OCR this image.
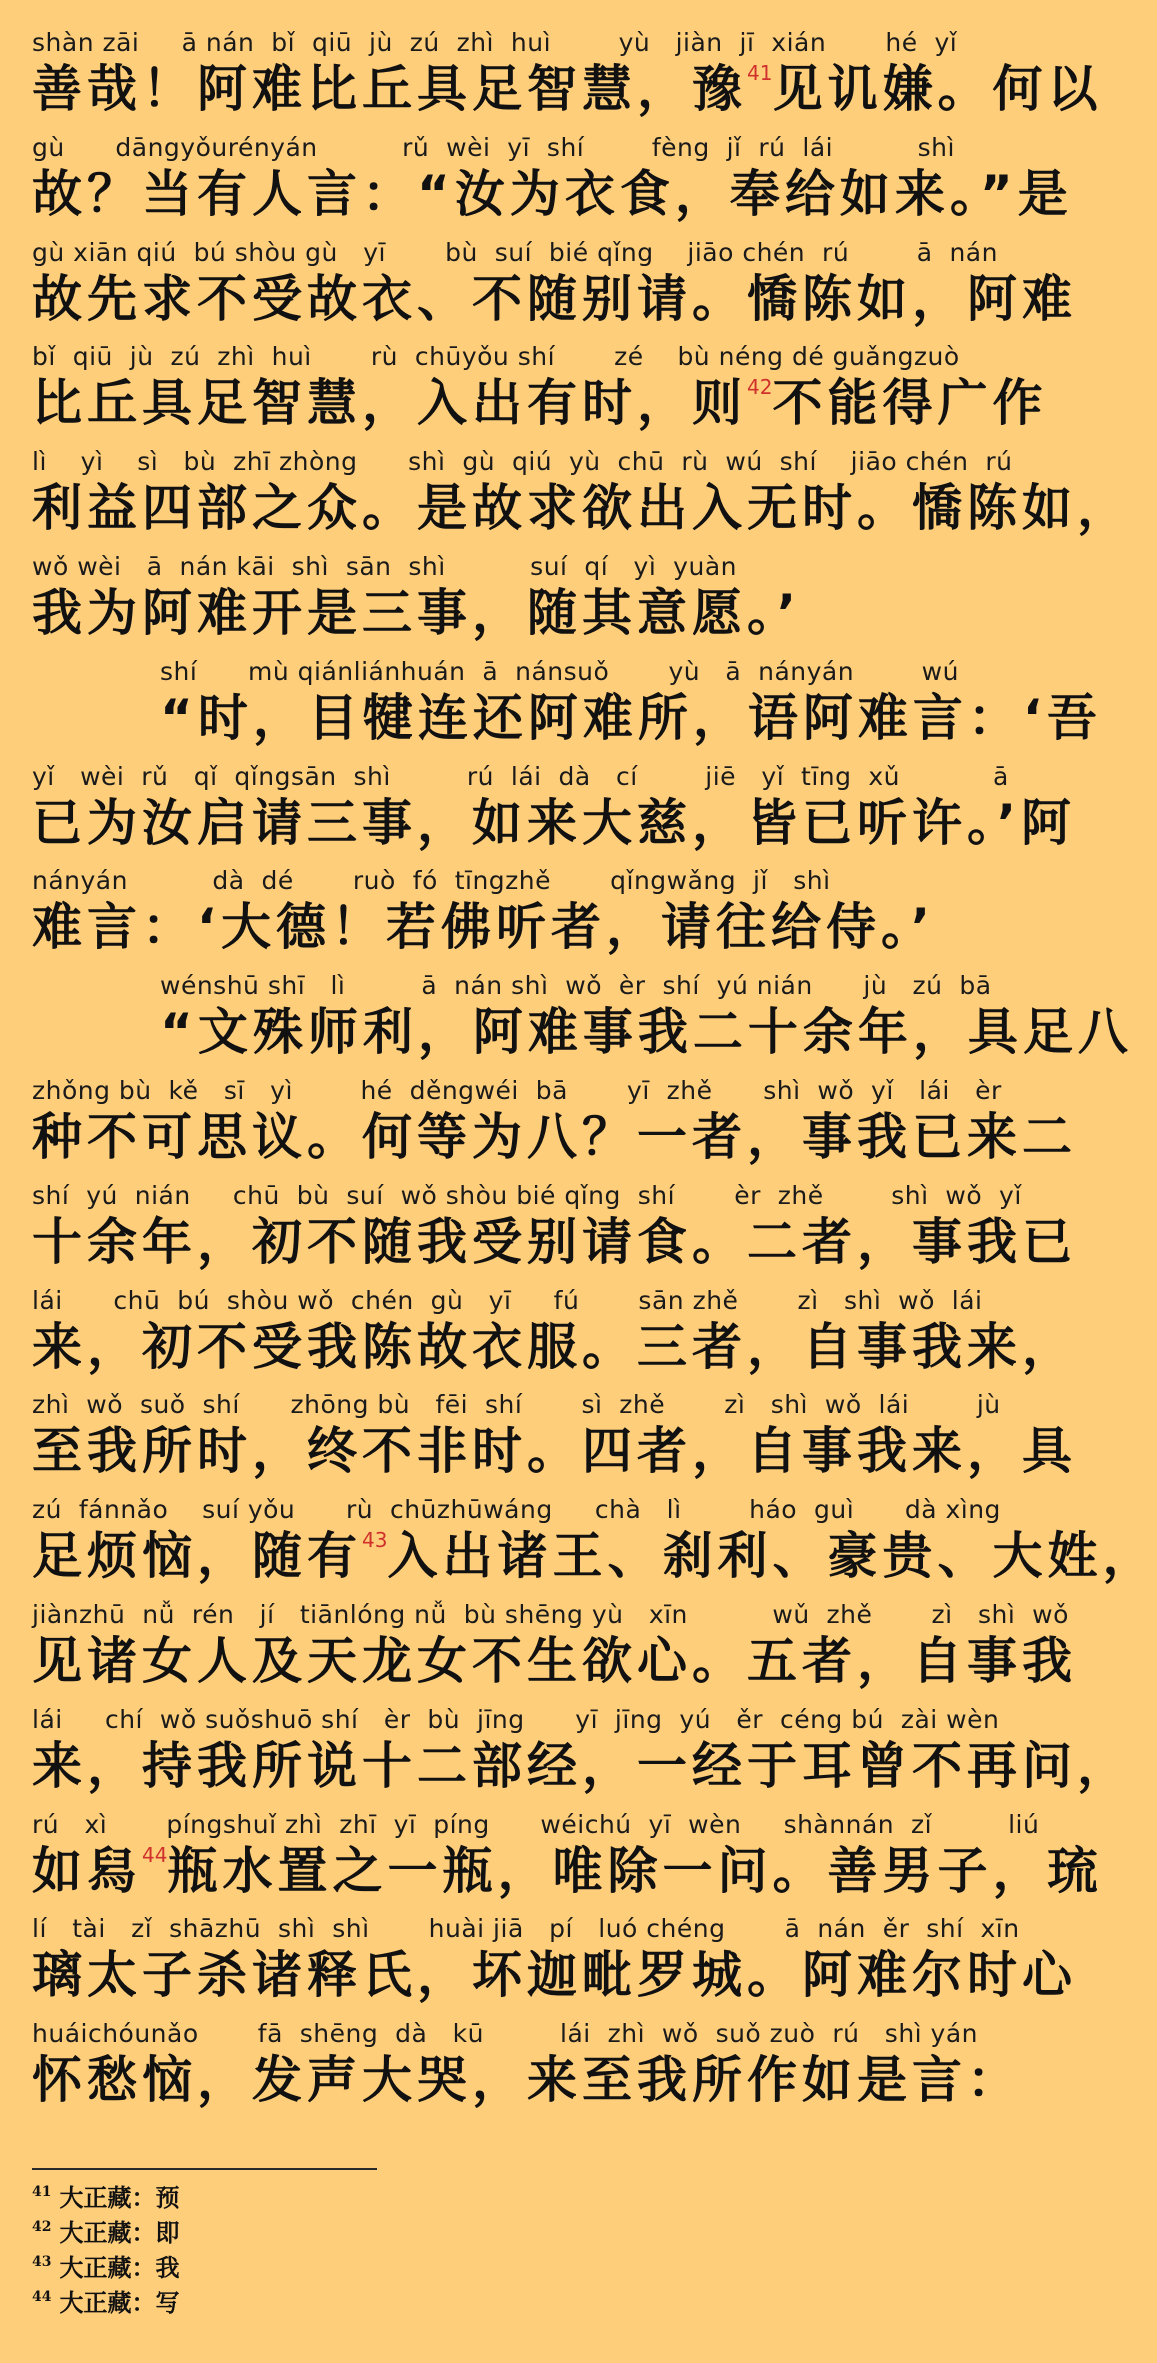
shàn zāi     ā nán  bǐ  qiū  jù  zú  zhì  huì        yù   jiàn  jī  xián       hé  yǐ
善哉！阿难比丘具足智慧，豫$^{41}$见讥嫌。何以
gù      dāngyǒurényán          rǔ  wèi  yī  shí        fèng  jǐ  rú  lái          shì
故？当有人言：“汝为衣食，奉给如来。”是
gù xiān qiú  bú shòu gù   yī       bù  suí  bié qǐng    jiāo chén  rú        ā  nán
故先求不受故衣、不随别请。憍陈如，阿难
bǐ  qiū  jù  zú  zhì  huì       rù  chūyǒu shí       zé    bù néng dé guǎngzuò
比丘具足智慧，入出有时，则$^{42}$不能得广作
lì    yì    sì   bù  zhī zhòng      shì  gù  qiú  yù  chū  rù  wú  shí    jiāo chén  rú
利益四部之众。是故求欲出入无时。憍陈如，
wǒ wèi   ā  nán kāi  shì  sān  shì          suí  qí   yì  yuàn
我为阿难开是三事，随其意愿。’
shí      mù qiánliánhuán  ā  nánsuǒ       yù   ā  nányán        wú
“时，目犍连还阿难所，语阿难言：‘吾
yǐ   wèi  rǔ   qǐ  qǐngsān  shì         rú  lái  dà   cí        jiē   yǐ  tīng  xǔ           ā
已为汝启请三事，如来大慈，皆已听许。’阿
nányán          dà  dé       ruò  fó  tīngzhě       qǐngwǎng  jǐ   shì
难言：‘大德！若佛听者，请往给侍。’
wénshū shī   lì         ā  nán shì  wǒ  èr  shí  yú nián      jù   zú  bā
“文殊师利，阿难事我二十余年，具足八
zhǒng bù  kě   sī   yì        hé  děngwéi  bā       yī  zhě      shì  wǒ  yǐ   lái   èr
种不可思议。何等为八？一者，事我已来二
shí  yú  nián     chū  bù  suí  wǒ shòu bié qǐng  shí       èr  zhě        shì  wǒ  yǐ
十余年，初不随我受别请食。二者，事我已
lái      chū  bú  shòu wǒ  chén  gù   yī     fú       sān zhě       zì   shì  wǒ  lái
来，初不受我陈故衣服。三者，自事我来，
zhì  wǒ  suǒ  shí      zhōng bù   fēi  shí       sì  zhě       zì   shì  wǒ  lái        jù
至我所时，终不非时。四者，自事我来，具
zú  fánnǎo    suí yǒu      rù  chūzhūwáng     chà   lì        háo  guì      dà xìng
足烦恼，随有$^{43}$入出诸王、刹利、豪贵、大姓，
jiànzhū  nǚ  rén   jí   tiānlóng nǚ  bù shēng yù   xīn          wǔ  zhě       zì   shì  wǒ
见诸女人及天龙女不生欲心。五者，自事我
lái     chí  wǒ suǒshuō shí   èr  bù  jīng      yī  jīng  yú   ěr  céng bú  zài wèn
来，持我所说十二部经，一经于耳曾不再问，
rú   xì       píngshuǐ zhì  zhī  yī  píng      wéichú  yī  wèn     shànnán  zǐ         liú
如舄$^{44}$瓶水置之一瓶，唯除一问。善男子，琉
lí   tài   zǐ  shāzhū  shì  shì       huài jiā   pí   luó chéng       ā  nán  ěr  shí  xīn
璃太子杀诸释氏，坏迦毗罗城。阿难尔时心
huáichóunǎo       fā  shēng  dà   kū         lái  zhì  wǒ  suǒ zuò  rú   shì yán
怀愁恼，发声大哭，来至我所作如是言：
$^{41}$ 大正藏：预
$^{42}$ 大正藏：即
$^{43}$ 大正藏：我
$^{44}$ 大正藏：写
